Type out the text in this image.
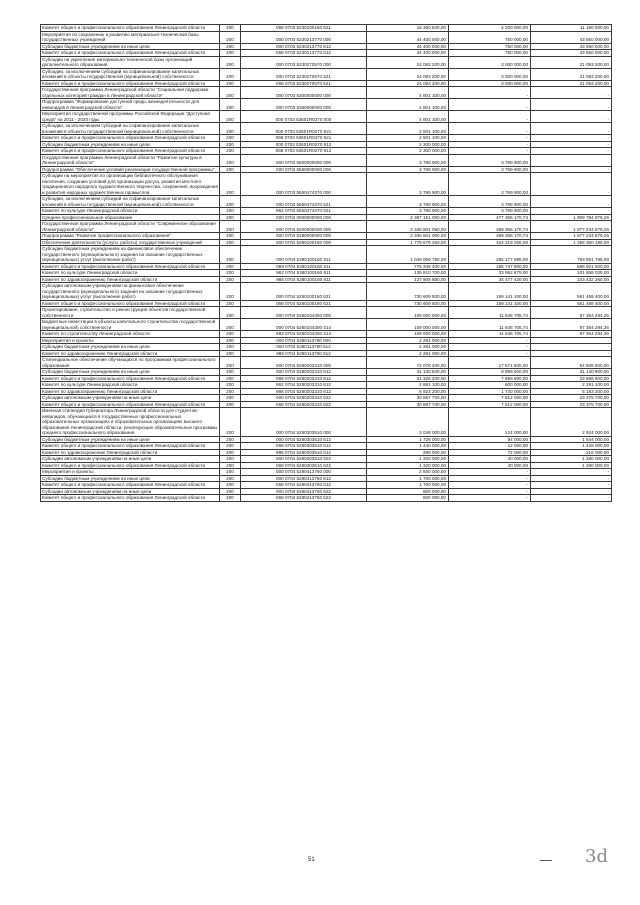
Комитет общего и профессионального образования Ленинградской области	200	068 0703 5230100160 621	15 360 500,00	4 200 000,00	11 160 500,00
Мероприятия по сохранению и развитию материально-технической базы государственных учреждений	200	000 0703 5230213770 000	44 400 000,00	750 000,00	43 650 000,00
Субсидии бюджетным учреждениям на иные цели	200	000 0703 5230213770 612	44 400 000,00	750 000,00	43 650 000,00
Комитет общего и профессионального образования Ленинградской области	200	068 0703 5230213770 612	44 400 000,00	750 000,00	43 650 000,00
Субсидии на укрепление материально-технической базы организаций дополнительного образования	200	000 0703 5230270570 000	24 093 200,00	3 000 000,00	21 093 200,00
Субсидии, за исключением субсидий на софинансирование капитальных вложений в объекты государственной (муниципальной) собственности	200	000 0703 5230270570 521	24 093 200,00	3 000 000,00	21 093 200,00
Комитет общего и профессионального образования Ленинградской области	200	068 0703 5230270570 521	24 093 200,00	3 000 000,00	21 093 200,00
Государственная программа Ленинградской области "Социальная поддержка отдельных категорий граждан в Ленинградской области"	200	000 0703 5300000000 000	4 801 100,00	-	-
Подпрограмма "Формирование доступной среды жизнедеятельности для инвалидов в Ленинградской области"	200	000 0703 5360000000 000	4 801 100,00	-	-
Мероприятия государственной программы Российской Федерации "Доступная среда" на 2011 - 2020 годы	200	000 0703 53601R0270 000	4 801 100,00	-	-
Субсидии, за исключением субсидий на софинансирование капитальных вложений в объекты государственной (муниципальной) собственности	200	000 0703 53601R0270 521	2 501 100,00	-	-
Комитет общего и профессионального образования Ленинградской области	200	068 0703 53601R0270 521	2 501 100,00	-	-
Субсидии бюджетным учреждениям на иные цели	200	000 0703 53601R0270 612	2 300 000,00	-	-
Комитет общего и профессионального образования Ленинградской области	200	068 0703 53601R0270 612	2 300 000,00	-	-
Государственная программа Ленинградской области "Развитие культуры в Ленинградской области"	200	000 0703 5500000000 000	3 789 900,00	3 789 900,00	-
Подпрограмма "Обеспечение условий реализации государственной программы"	200	000 0703 5550000000 000	3 789 900,00	3 789 900,00	-
Субсидии на мероприятия по организации библиотечного обслуживания населения, созданию условий для организации досуга, развития местного традиционного народного художественного творчества, сохранения, возрождения и развития народных художественных промыслов	200	000 0703 5550474370 000	3 789 900,00	3 789 900,00	-
Субсидии, за исключением субсидий на софинансирование капитальных вложений в объекты государственной (муниципальной) собственности	200	000 0703 5550474370 521	3 789 900,00	3 789 900,00	-
Комитет по культуре Ленинградской области	200	962 0703 5550474370 521	3 789 900,00	3 789 900,00	-
Среднее профессиональное образование	200	000 0704 0000000000 000	2 387 151 050,00	477 366 170,74	1 909 784 879,26
Государственная программа Ленинградской области "Современное образование Ленинградской области"	200	000 0704 5200000000 000	2 346 601 050,00	469 366 170,74	1 877 234 879,26
Подпрограмма "Развитие профессионального образования"	200	000 0704 5280000000 000	2 346 601 050,00	469 366 170,74	1 877 234 879,26
Обеспечение деятельности (услуги, работы) государственных учреждений	200	000 0704 5280100160 000	1 779 679 260,00	424 319 265,00	1 355 360 185,00
Субсидии бюджетным учреждениям на финансовое обеспечение государственного (муниципального) задания на оказание государственных (муниципальных) услуг (выполнение работ)	200	000 0704 5280100160 611	1 049 069 780,00	255 177 995,00	793 891 785,00
Комитет общего и профессионального образования Ленинградской области	200	068 0704 5280100160 611	775 349 400,00	186 747 900,00	588 601 500,00
Комитет по культуре Ленинградской области	200	962 0704 5280100160 611	135 810 700,00	33 952 675,00	101 858 025,00
Комитет по здравоохранению Ленинградской области	200	986 0704 5280100160 611	137 909 680,00	34 477 420,00	103 432 260,00
Субсидии автономным учреждениям на финансовое обеспечение государственного (муниципального) задания на оказание государственных (муниципальных) услуг (выполнение работ)	200	000 0704 5280100160 621	730 609 500,00	169 141 100,00	561 468 400,00
Комитет общего и профессионального образования Ленинградской области	200	068 0704 5280100160 621	730 609 500,00	169 141 100,00	561 468 400,00
Проектирование, строительство и реконструкция объектов государственной собственности	200	000 0704 5280104300 000	109 000 000,00	11 645 705,74	97 354 294,26
Бюджетные инвестиции в объекты капитального строительства государственной (муниципальной) собственности	200	000 0704 5280104300 414	109 000 000,00	11 645 705,74	97 354 294,26
Комитет по строительству Ленинградской области	200	983 0704 5280104300 414	109 000 000,00	11 645 705,74	97 354 294,26
Мероприятия и проекты	200	000 0704 5280113760 000	2 281 000,00	-	-
Субсидии бюджетным учреждениям на иные цели	200	000 0704 5280113760 612	2 281 000,00	-	-
Комитет по здравоохранению Ленинградской области	200	986 0704 5280113760 612	2 281 000,00	-	-
Стипендиальное обеспечение обучающихся по программам профессионального образования	200	000 0704 5280203310 000	72 078 200,00	17 571 600,00	54 506 600,00
Субсидии бюджетным учреждениям на иные цели	200	000 0704 5280203310 612	41 130 500,00	9 999 600,00	31 130 900,00
Комитет общего и профессионального образования Ленинградской области	200	068 0704 5280203310 612	31 326 200,00	7 659 600,00	23 666 600,00
Комитет по культуре Ленинградской области	200	962 0704 5280203310 612	2 881 100,00	600 000,00	2 281 100,00
Комитет по здравоохранению Ленинградской области	200	986 0704 5280203310 612	6 923 200,00	1 740 000,00	5 183 200,00
Субсидии автономным учреждениям на иные цели	200	000 0704 5280203310 622	30 887 700,00	7 512 000,00	23 375 700,00
Комитет общего и профессионального образования Ленинградской области	200	068 0704 5280203310 622	30 887 700,00	7 512 000,00	23 375 700,00
Именная стипендия Губернатора Ленинградской области для студентов-инвалидов, обучающихся в государственных профессиональных образовательных организациях и образовательных организациях высшего образования Ленинградской области, реализующих образовательные программы среднего профессионального образования	200	000 0704 5280303510 000	3 048 000,00	124 000,00	2 924 000,00
Субсидии бюджетным учреждениям на иные цели	200	000 0704 5280303510 612	1 728 000,00	84 000,00	1 644 000,00
Комитет общего и профессионального образования Ленинградской области	200	068 0704 5280303510 612	1 440 000,00	12 000,00	1 428 000,00
Комитет по здравоохранению Ленинградской области	200	986 0704 5280303510 612	288 000,00	72 000,00	216 000,00
Субсидии автономным учреждениям на иные цели	200	000 0704 5280303510 622	1 320 000,00	40 000,00	1 280 000,00
Комитет общего и профессионального образования Ленинградской области	200	068 0704 5280303510 622	1 320 000,00	40 000,00	1 280 000,00
Мероприятия и проекты	200	000 0704 5280413760 000	2 500 000,00	-	-
Субсидии бюджетным учреждениям на иные цели	200	000 0704 5280413760 612	1 700 000,00	-	-
Комитет общего и профессионального образования Ленинградской области	200	068 0704 5280413760 612	1 700 000,00	-	-
Субсидии автономным учреждениям на иные цели	200	000 0704 5280413760 622	800 000,00	-	-
Комитет общего и профессионального образования Ленинградской области	200	068 0704 5280413760 622	800 000,00	-	-
51	3d
